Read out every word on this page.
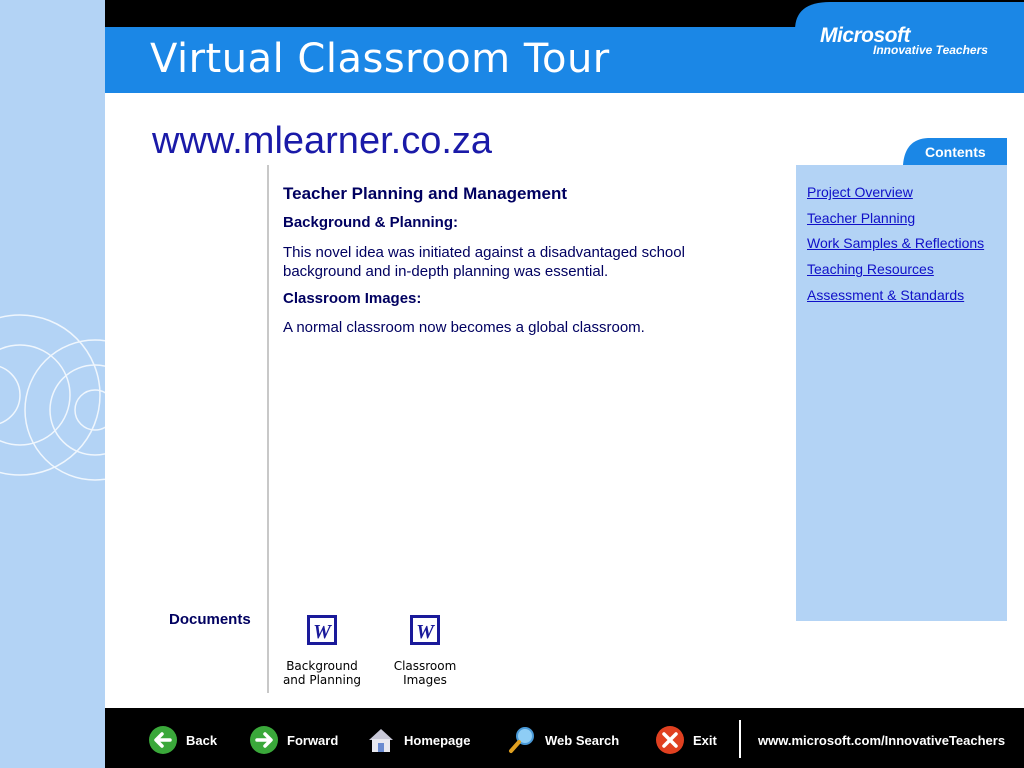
Virtual Classroom Tour
Microsoft
Innovative Teachers
www.mlearner.co.za	Contents
Project Overview
Teacher Planning
Work Samples & Reflections
Teaching Resources
Assessment & Standards
Teacher Planning and Management
Background & Planning:
This novel idea was initiated against a disadvantaged school background and in-depth planning was essential.
Classroom Images:
A normal classroom now becomes a global classroom.
Documents
W
Background
and Planning
W
Classroom Images
Back	Forward	Homepage	Web Search	Exit	www.microsoft.com/InnovativeTeachers
